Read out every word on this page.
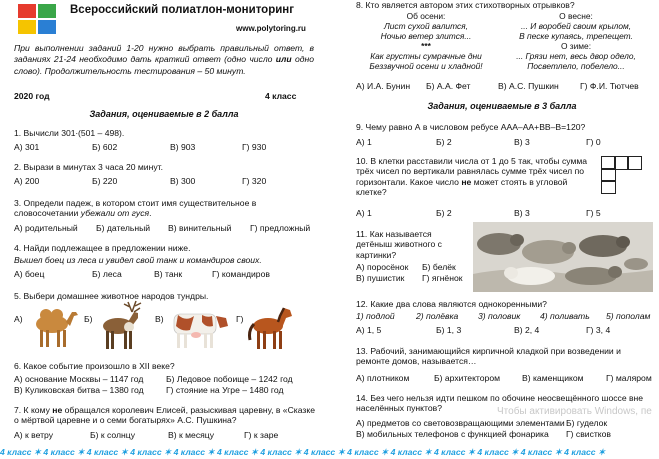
Всероссийский полиатлон-мониторинг
www.polytoring.ru
При выполнении заданий 1-20 нужно выбрать правильный ответ, в заданиях 21-24 необходимо дать краткий ответ (одно число или одно слово). Продолжительность тестирования – 50 минут.
2020 год	4 класс
Задания, оцениваемые в 2 балла
1. Вычисли 301∙(501 – 498).
А) 301	Б) 602	В) 903	Г) 930
2. Вырази в минутах 3 часа 20 минут.
А) 200	Б) 220	В) 300	Г) 320
3. Определи падеж, в котором стоит имя существительное в словосочетании убежали от гуся.
А) родительный	Б) дательный	В) винительный	Г) предложный
4. Найди подлежащее в предложении ниже.
Вышел боец из леса и увидел свой танк и командиров своих.
А) боец	Б) леса	В) танк	Г) командиров
5. Выбери домашнее животное народов тундры.
А)	Б)	В)	Г)
6. Какое событие произошло в XII веке?
А) основание Москвы – 1147 год	Б) Ледовое побоище – 1242 год
В) Куликовская битва – 1380 год	Г) стояние на Угре – 1480 год
7. К кому не обращался королевич Елисей, разыскивая царевну, в «Сказке о мёртвой царевне и о семи богатырях» А.С. Пушкина?
А) к ветру	Б) к солнцу	В) к месяцу	Г) к заре
8. Кто является автором этих стихотворных отрывков?
Об осени:
Лист сухой валится,
Ночью ветер злится...
***
Как грустны сумрачные дни
Беззвучной осени и хладной!
О весне:
... И воробей своим крылом,
В песке купаясь, трепещет.
О зиме:
... Грязи нет, весь двор одело,
Посветлело, побелело...
А) И.А. Бунин	Б) А.А. Фет	В) А.С. Пушкин	Г) Ф.И. Тютчев
Задания, оцениваемые в 3 балла
9. Чему равно А в числовом ребусе ААА–АА+ВВ–В=120?
А) 1	Б) 2	В) 3	Г) 0
10. В клетки расставили числа от 1 до 5 так, чтобы сумма трёх чисел по вертикали равнялась сумме трёх чисел по горизонтали. Какое число не может стоять в угловой клетке?
А) 1	Б) 2	В) 3	Г) 5
11. Как называется детёныш животного с картинки?
А) поросёнок	Б) белёк
В) пушистик	Г) ягнёнок
12. Какие два слова являются однокоренными?
1) подлой	2) полёвка	3) половик	4) поливать	5) пополам
А) 1, 5	Б) 1, 3	В) 2, 4	Г) 3, 4
13. Рабочий, занимающийся кирпичной кладкой при возведении и ремонте домов, называется…
А) плотником	Б) архитектором	В) каменщиком	Г) маляром
14. Без чего нельзя идти пешком по обочине неосвещённого шоссе вне населённых пунктов?	Чтобы активировать Windows, пе
А) предметов со световозвращающими элементами Б) гуделок
В) мобильных телефонов с функцией фонарика	Г) свистков
4 класс ✶ 4 класс ✶ 4 класс ✶ 4 класс ✶ 4 класс ✶ 4 класс ✶ 4 класс ✶ 4 класс ✶ 4 класс ✶ 4 класс ✶ 4 класс ✶ 4 класс ✶ 4 класс ✶ 4 класс ✶
